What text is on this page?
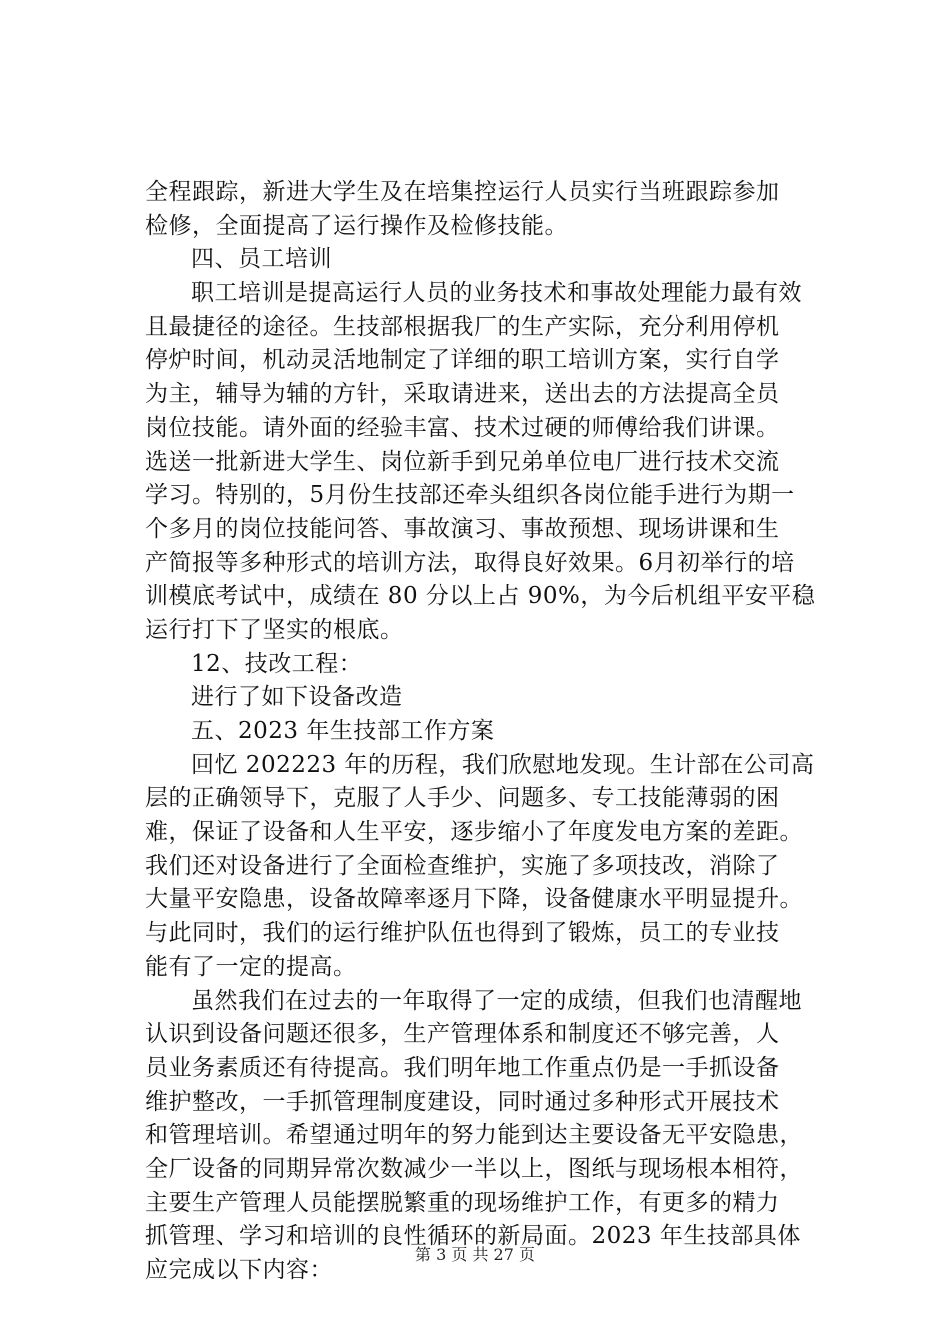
全程跟踪，新进大学生及在培集控运行人员实行当班跟踪参加
检修，全面提高了运行操作及检修技能。
四、员工培训
职工培训是提高运行人员的业务技术和事故处理能力最有效
且最捷径的途径。生技部根据我厂的生产实际，充分利用停机
停炉时间，机动灵活地制定了详细的职工培训方案，实行自学
为主，辅导为辅的方针，采取请进来，送出去的方法提高全员
岗位技能。请外面的经验丰富、技术过硬的师傅给我们讲课。
选送一批新进大学生、岗位新手到兄弟单位电厂进行技术交流
学习。特别的，5月份生技部还牵头组织各岗位能手进行为期一
个多月的岗位技能问答、事故演习、事故预想、现场讲课和生
产简报等多种形式的培训方法，取得良好效果。6月初举行的培
训模底考试中，成绩在 80 分以上占 90%，为今后机组平安平稳
运行打下了坚实的根底。
12、技改工程：
进行了如下设备改造
五、2023 年生技部工作方案
回忆 202223 年的历程，我们欣慰地发现。生计部在公司高
层的正确领导下，克服了人手少、问题多、专工技能薄弱的困
难，保证了设备和人生平安，逐步缩小了年度发电方案的差距。
我们还对设备进行了全面检查维护，实施了多项技改，消除了
大量平安隐患，设备故障率逐月下降，设备健康水平明显提升。
与此同时，我们的运行维护队伍也得到了锻炼，员工的专业技
能有了一定的提高。
虽然我们在过去的一年取得了一定的成绩，但我们也清醒地
认识到设备问题还很多，生产管理体系和制度还不够完善，人
员业务素质还有待提高。我们明年地工作重点仍是一手抓设备
维护整改，一手抓管理制度建设，同时通过多种形式开展技术
和管理培训。希望通过明年的努力能到达主要设备无平安隐患，
全厂设备的同期异常次数减少一半以上，图纸与现场根本相符，
主要生产管理人员能摆脱繁重的现场维护工作，有更多的精力
抓管理、学习和培训的良性循环的新局面。2023 年生技部具体
应完成以下内容：
第 3 页 共 27 页
